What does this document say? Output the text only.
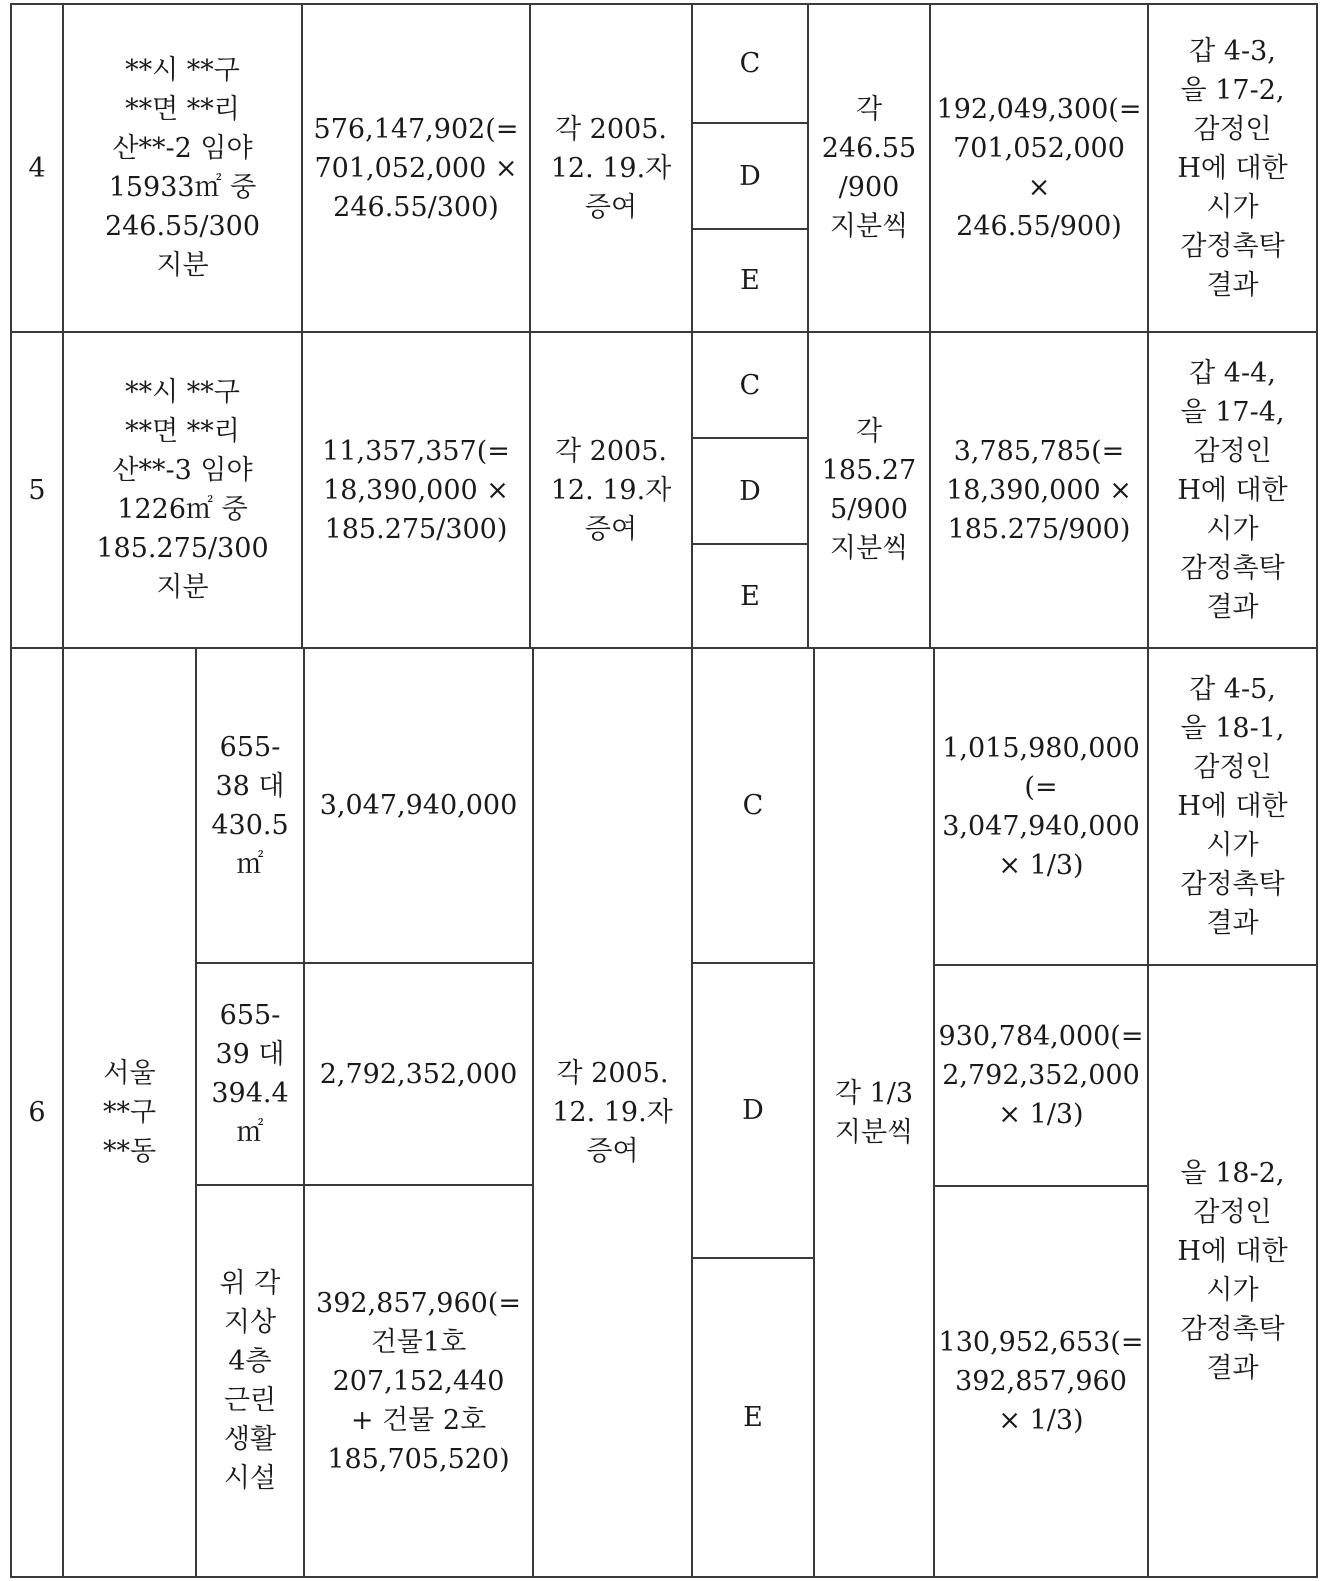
4
**시 **구
**면 **리
산**-2 임야
15933㎡ 중
246.55/300
지분
576,147,902(=
701,052,000 ×
246.55/300)
각 2005.
12. 19.자
증여
C
D
E
각
246.55
/900
지분씩
192,049,300(=
701,052,000
×
246.55/900)
갑 4-3,
을 17-2,
감정인
H에 대한
시가
감정촉탁
결과
5
**시 **구
**면 **리
산**-3 임야
1226㎡ 중
185.275/300
지분
11,357,357(=
18,390,000 ×
185.275/300)
각 2005.
12. 19.자
증여
C
D
E
각
185.27
5/900
지분씩
3,785,785(=
18,390,000 ×
185.275/900)
갑 4-4,
을 17-4,
감정인
H에 대한
시가
감정촉탁
결과
6
서울
**구
**동
655-
38 대
430.5
㎡
3,047,940,000
655-
39 대
394.4
㎡
2,792,352,000
위 각
지상
4층
근린
생활
시설
392,857,960(=
건물1호
207,152,440
+ 건물 2호
185,705,520)
각 2005.
12. 19.자
증여
C
D
E
각 1/3
지분씩
1,015,980,000
(=
3,047,940,000
× 1/3)
930,784,000(=
2,792,352,000
× 1/3)
130,952,653(=
392,857,960
× 1/3)
갑 4-5,
을 18-1,
감정인
H에 대한
시가
감정촉탁
결과
을 18-2,
감정인
H에 대한
시가
감정촉탁
결과
